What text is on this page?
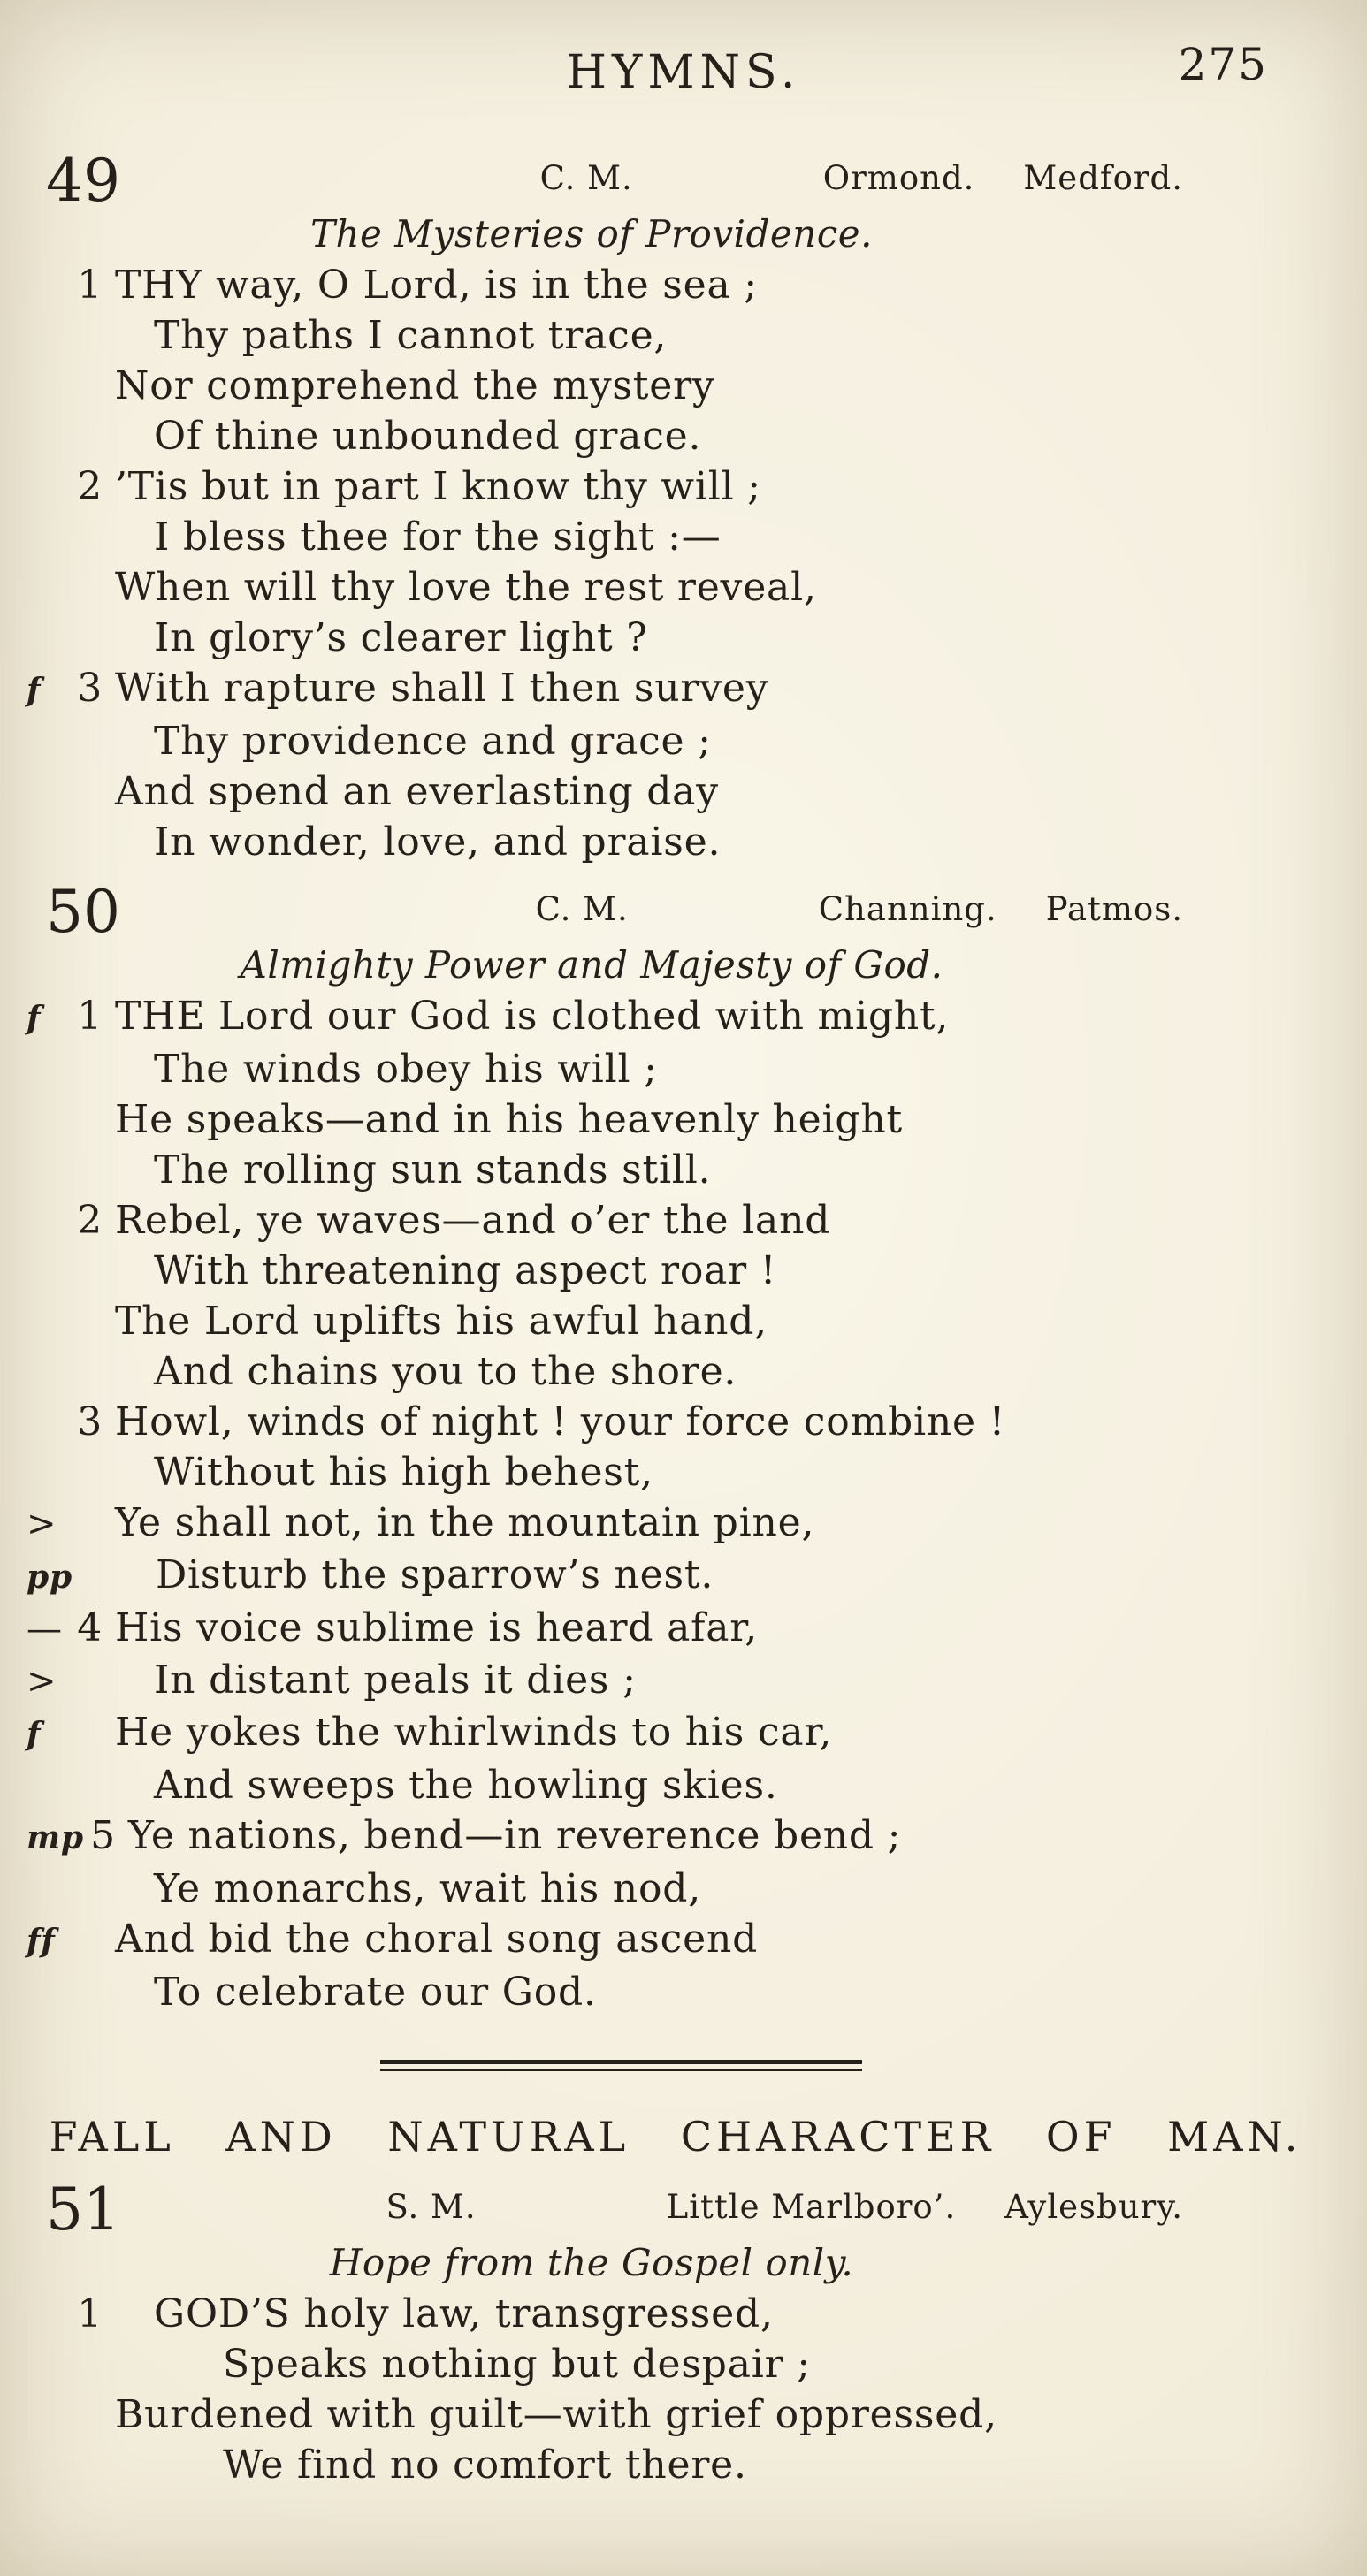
HYMNS.	275
49	C. M.	Ormond. Medford.
The Mysteries of Providence.
1 THY way, O Lord, is in the sea ;
Thy paths I cannot trace,
Nor comprehend the mystery
Of thine unbounded grace.
2 ’Tis but in part I know thy will ;
I bless thee for the sight :—
When will thy love the rest reveal,
In glory’s clearer light ?
f 3 With rapture shall I then survey
Thy providence and grace ;
And spend an everlasting day
In wonder, love, and praise.
50	C. M.	Channing. Patmos.
Almighty Power and Majesty of God.
f 1 THE Lord our God is clothed with might,
The winds obey his will ;
He speaks—and in his heavenly height
The rolling sun stands still.
2 Rebel, ye waves—and o’er the land
With threatening aspect roar !
The Lord uplifts his awful hand,
And chains you to the shore.
3 Howl, winds of night ! your force combine !
Without his high behest,
>	Ye shall not, in the mountain pine,
pp	Disturb the sparrow’s nest.
— 4 His voice sublime is heard afar,
>	In distant peals it dies ;
f	He yokes the whirlwinds to his car,
And sweeps the howling skies.
mp 5 Ye nations, bend—in reverence bend ;
Ye monarchs, wait his nod,
ff	And bid the choral song ascend
To celebrate our God.
FALL AND NATURAL CHARACTER OF MAN.
51	S. M.	Little Marlboro’. Aylesbury.
Hope from the Gospel only.
1	GOD’S holy law, transgressed,
Speaks nothing but despair ;
Burdened with guilt—with grief oppressed,
We find no comfort there.
